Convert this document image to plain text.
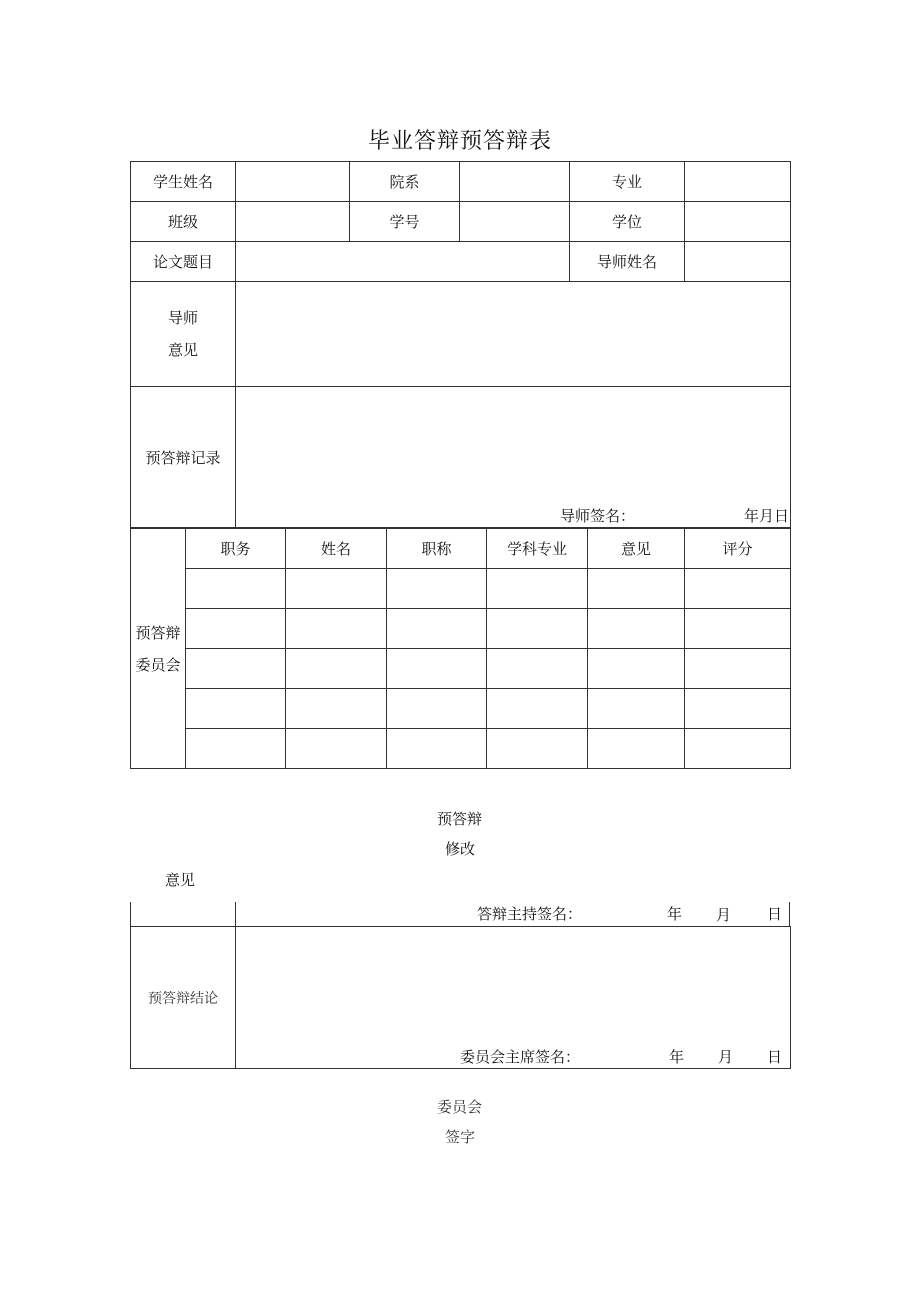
毕业答辩预答辩表
学生姓名		院系		专业	
班级		学号		学位	
论文题目				导师姓名	

导师
意见					

预答辩记录	导师签名： 年月日				
预答辩
委员会	职务	姓名	职称	学科专业	意见	评分

预答辩
修改
意见
答辩主持签名：	年 月 日
预答辩结论	
委员会主席签名：	年 月 日
委员会
签字
